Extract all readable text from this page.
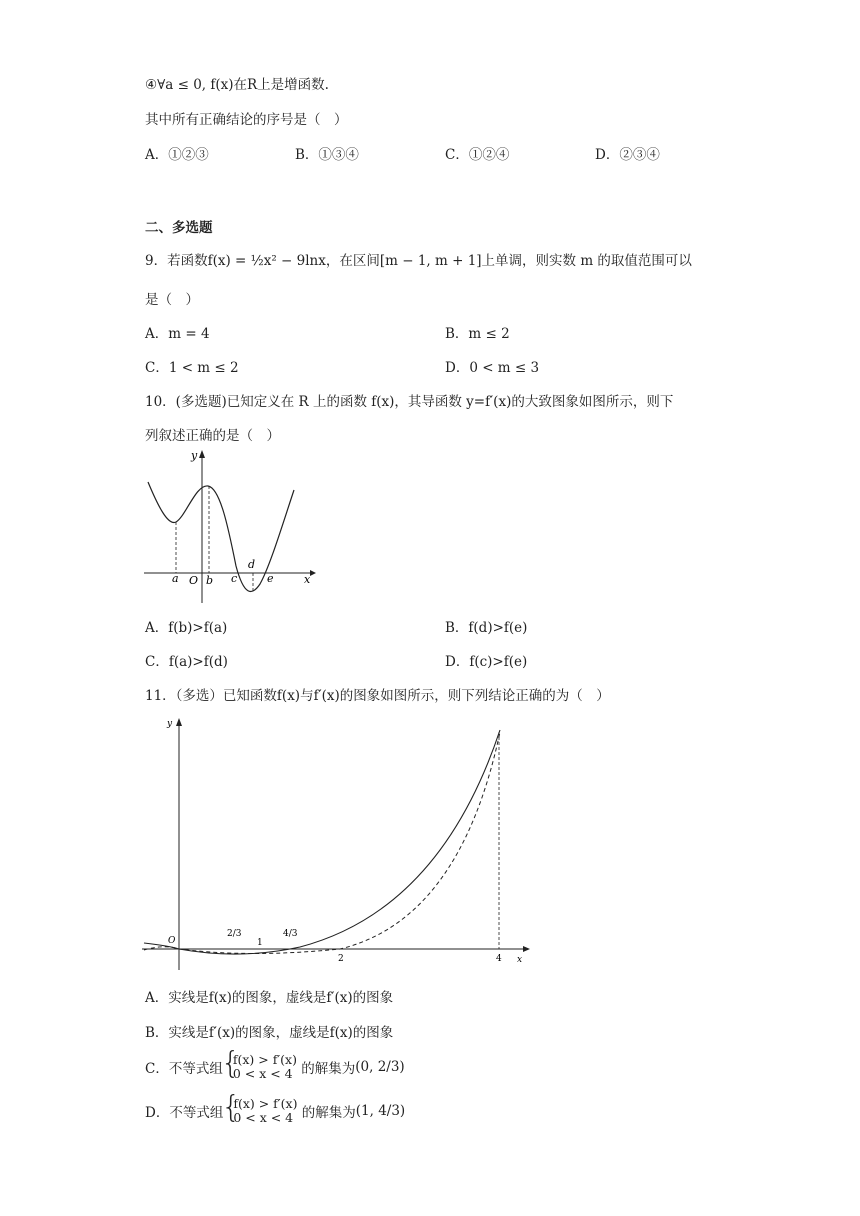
④∀a ≤ 0, f(x)在R上是增函数.
其中所有正确结论的序号是（　）
A．①②③	B．①③④	C．①②④	D．②③④
二、多选题
9．若函数f(x) = ½x² − 9lnx，在区间[m − 1, m + 1]上单调，则实数 m 的取值范围可以
是（　）
A．m = 4	B．m ≤ 2
C．1 < m ≤ 2	D．0 < m ≤ 3
10．(多选题)已知定义在 R 上的函数 f(x)，其导函数 y=f′(x)的大致图象如图所示，则下
列叙述正确的是（　）
y
x
O
a b c
d
e
A．f(b)>f(a)	B．f(d)>f(e)
C．f(a)>f(d)	D．f(c)>f(e)
11．（多选）已知函数f(x)与f′(x)的图象如图所示，则下列结论正确的为（　）
y
x
O
2/3
1
4/3
2	4
A．实线是f(x)的图象，虚线是f′(x)的图象
B．实线是f′(x)的图象，虚线是f(x)的图象
C．不等式组{ f(x) > f′(x)
0 < x < 4 的解集为(0, 2/3)
D．不等式组{ f(x) > f′(x)
0 < x < 4 的解集为(1, 4/3)
